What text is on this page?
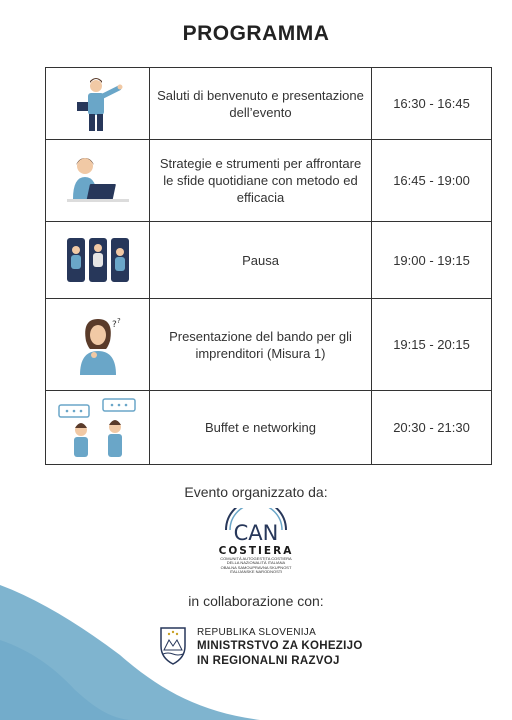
PROGRAMMA
	Saluti di benvenuto e presentazione dell’evento	16:30 - 16:45

	Strategie e strumenti per affrontare le sfide quotidiane con metodo ed efficacia	16:45 - 19:00

	Pausa	19:00 - 19:15

? ?	Presentazione del bando per gli imprenditori (Misura 1)	19:15 - 20:15

	Buffet e networking	20:30 - 21:30
Evento organizzato da:
CAN
COSTIERA
COMUNITÀ AUTOGESTITA COSTIERA
DELLA NAZIONALITÀ ITALIANA
OBALNA SAMOUPRAVNA SKUPNOST
ITALIJANSKE NARODNOSTI
in collaborazione con:
REPUBLIKA SLOVENIJA
MINISTRSTVO ZA KOHEZIJO
IN REGIONALNI RAZVOJ
